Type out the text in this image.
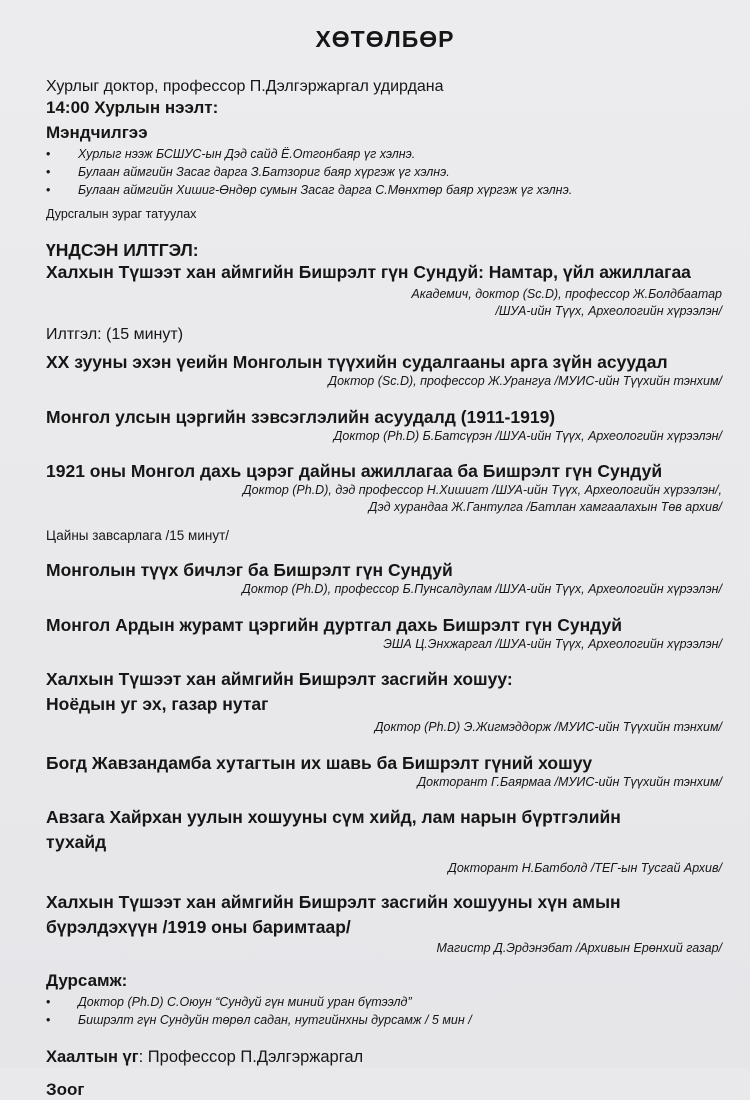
ХӨТӨЛБӨР
Хурлыг доктор, профессор П.Дэлгэржаргал удирдана
14:00 Хурлын нээлт:
Мэндчилгээ
• Хурлыг нээж БСШУС-ын Дэд сайд Ё.Отгонбаяр үг хэлнэ.
• Булаан аймгийн Засаг дарга З.Батзориг баяр хүргэж үг хэлнэ.
• Булаан аймгийн Хишиг-Өндөр сумын Засаг дарга С.Мөнхтөр баяр хүргэж үг хэлнэ.
Дурсгалын зураг татуулах
ҮНДСЭН ИЛТГЭЛ:
Халхын Түшээт хан аймгийн Бишрэлт гүн Сундуй: Намтар, үйл ажиллагаа
Академич, доктор (Sc.D), профессор Ж.Болдбаатар
/ШУА-ийн Түүх, Археологийн хүрээлэн/
Илтгэл: (15 минут)
XX зууны эхэн үеийн Монголын түүхийн судалгааны арга зүйн асуудал
Доктор (Sc.D), профессор Ж.Урангуа /МУИС-ийн Түүхийн тэнхим/
Монгол улсын цэргийн зэвсэглэлийн асуудалд (1911-1919)
Доктор (Ph.D) Б.Батсүрэн /ШУА-ийн Түүх, Археологийн хүрээлэн/
1921 оны Монгол дахь цэрэг дайны ажиллагаа ба Бишрэлт гүн Сундуй
Доктор (Ph.D), дэд профессор Н.Хишигт /ШУА-ийн Түүх, Археологийн хүрээлэн/,
Дэд хурандаа Ж.Гантулга /Батлан хамгаалахын Төв архив/
Цайны завсарлага /15 минут/
Монголын түүх бичлэг ба Бишрэлт гүн Сундуй
Доктор (Ph.D), профессор Б.Пунсалдулам /ШУА-ийн Түүх, Археологийн хүрээлэн/
Монгол Ардын журамт цэргийн дуртгал дахь Бишрэлт гүн Сундуй
ЭША Ц.Энхжаргал /ШУА-ийн Түүх, Археологийн хүрээлэн/
Халхын Түшээт хан аймгийн Бишрэлт засгийн хошуу:
Ноёдын уг эх, газар нутаг
Доктор (Ph.D) Э.Жигмэддорж /МУИС-ийн Түүхийн тэнхим/
Богд Жавзандамба хутагтын их шавь ба Бишрэлт гүний хошуу
Докторант Г.Баярмаа /МУИС-ийн Түүхийн тэнхим/
Авзага Хайрхан уулын хошууны сүм хийд, лам нарын бүртгэлийн
тухайд
Докторант Н.Батболд /ТЕГ-ын Тусгай Архив/
Халхын Түшээт хан аймгийн Бишрэлт засгийн хошууны хүн амын
бүрэлдэхүүн /1919 оны баримтаар/
Магистр Д.Эрдэнэбат /Архивын Ерөнхий газар/
Дурсамж:
• Доктор (Ph.D) С.Оюун “Сундуй гүн миний уран бүтээлд”
• Бишрэлт гүн Сундуйн төрөл садан, нутгийнхны дурсамж / 5 мин /
Хаалтын үг: Профессор П.Дэлгэржаргал
Зоог
